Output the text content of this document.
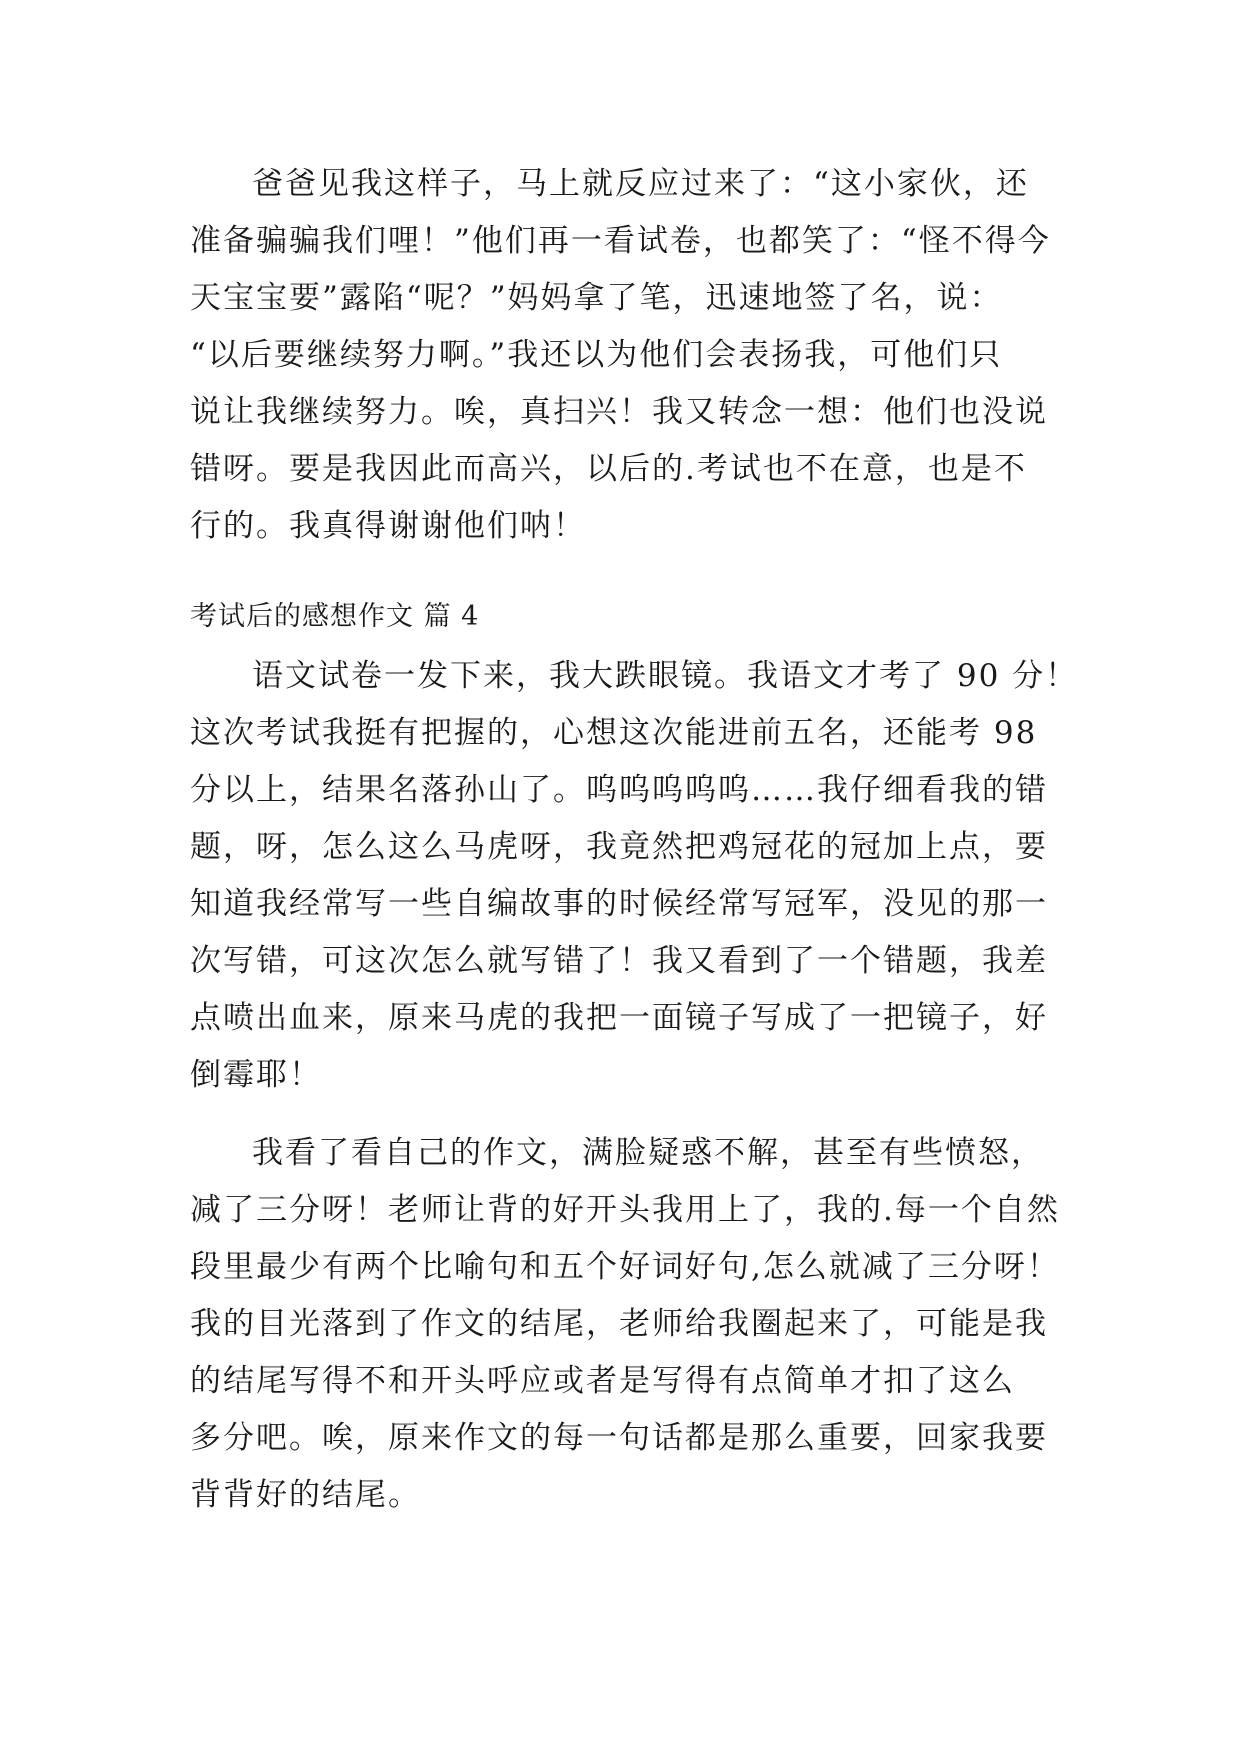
爸爸见我这样子，马上就反应过来了：“这小家伙，还
准备骗骗我们哩！”他们再一看试卷，也都笑了：“怪不得今
天宝宝要”露陷“呢？”妈妈拿了笔，迅速地签了名，说：
“以后要继续努力啊。”我还以为他们会表扬我，可他们只
说让我继续努力。唉，真扫兴！我又转念一想：他们也没说
错呀。要是我因此而高兴，以后的.考试也不在意，也是不
行的。我真得谢谢他们呐！
考试后的感想作文 篇 4
语文试卷一发下来，我大跌眼镜。我语文才考了 90 分！
这次考试我挺有把握的，心想这次能进前五名，还能考 98
分以上，结果名落孙山了。呜呜呜呜呜……我仔细看我的错
题，呀，怎么这么马虎呀，我竟然把鸡冠花的冠加上点，要
知道我经常写一些自编故事的时候经常写冠军，没见的那一
次写错，可这次怎么就写错了！我又看到了一个错题，我差
点喷出血来，原来马虎的我把一面镜子写成了一把镜子，好
倒霉耶！
我看了看自己的作文，满脸疑惑不解，甚至有些愤怒，
减了三分呀！老师让背的好开头我用上了，我的.每一个自然
段里最少有两个比喻句和五个好词好句,怎么就减了三分呀！
我的目光落到了作文的结尾，老师给我圈起来了，可能是我
的结尾写得不和开头呼应或者是写得有点简单才扣了这么
多分吧。唉，原来作文的每一句话都是那么重要，回家我要
背背好的结尾。
